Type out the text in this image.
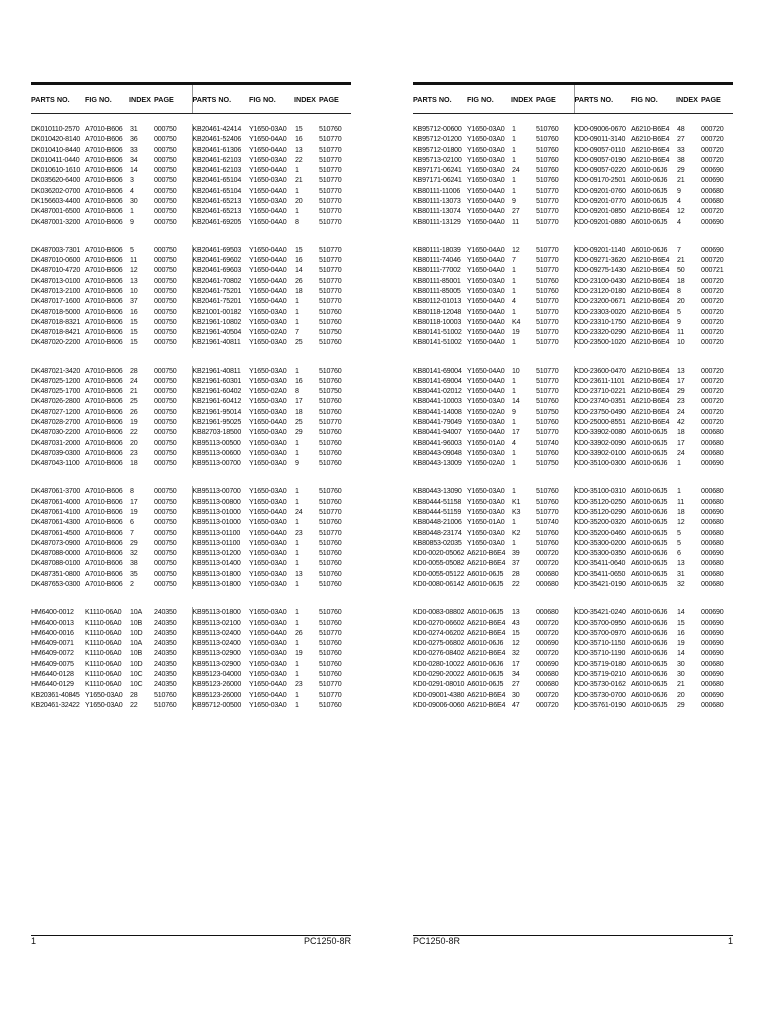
PARTS NO.	FIG NO.	INDEX	PAGE		PARTS NO.	FIG NO.	INDEX	PAGE

DK010110-2570	A7010-B606	31	000750		KB20461-42414	Y1650-03A0	15	510760
DK010420-8140	A7010-B606	36	000750		KB20461-52406	Y1650-04A0	16	510770
DK010410-8440	A7010-B606	33	000750		KB20461-61306	Y1650-04A0	13	510770
DK010411-0440	A7010-B606	34	000750		KB20461-62103	Y1650-03A0	22	510770
DK010610-1610	A7010-B606	14	000750		KB20461-62103	Y1650-04A0	1	510770
DK035620-6400	A7010-B606	3	000750		KB20461-65104	Y1650-03A0	21	510770
DK036202-0700	A7010-B606	4	000750		KB20461-65104	Y1650-04A0	1	510770
DK156603-4400	A7010-B606	30	000750		KB20461-65213	Y1650-03A0	20	510770
DK487001-6500	A7010-B606	1	000750		KB20461-65213	Y1650-04A0	1	510770
DK487001-3200	A7010-B606	9	000750		KB20461-69205	Y1650-04A0	8	510770

DK487003-7301	A7010-B606	5	000750		KB20461-69503	Y1650-04A0	15	510770
DK487010-0600	A7010-B606	11	000750		KB20461-69602	Y1650-04A0	16	510770
DK487010-4720	A7010-B606	12	000750		KB20461-69603	Y1650-04A0	14	510770
DK487013-0100	A7010-B606	13	000750		KB20461-70802	Y1650-04A0	26	510770
DK487013-2100	A7010-B606	10	000750		KB20461-75201	Y1650-04A0	18	510770
DK487017-1600	A7010-B606	37	000750		KB20461-75201	Y1650-04A0	1	510770
DK487018-5000	A7010-B606	16	000750		KB21001-00182	Y1650-03A0	1	510760
DK487018-8321	A7010-B606	15	000750		KB21961-10802	Y1650-03A0	1	510760
DK487018-8421	A7010-B606	15	000750		KB21961-40504	Y1650-02A0	7	510750
DK487020-2200	A7010-B606	15	000750		KB21961-40811	Y1650-03A0	25	510760

DK487021-3420	A7010-B606	28	000750		KB21961-40811	Y1650-03A0	1	510760
DK487025-1200	A7010-B606	24	000750		KB21961-60301	Y1650-03A0	16	510760
DK487025-1700	A7010-B606	21	000750		KB21961-60402	Y1650-02A0	8	510750
DK487026-2800	A7010-B606	25	000750		KB21961-60412	Y1650-03A0	17	510760
DK487027-1200	A7010-B606	26	000750		KB21961-95014	Y1650-03A0	18	510760
DK487028-2700	A7010-B606	19	000750		KB21961-95025	Y1650-04A0	25	510770
DK487030-2200	A7010-B606	22	000750		KB82703-18500	Y1650-03A0	29	510760
DK487031-2000	A7010-B606	20	000750		KB95113-00500	Y1650-03A0	1	510760
DK487039-0300	A7010-B606	23	000750		KB95113-00600	Y1650-03A0	1	510760
DK487043-1100	A7010-B606	18	000750		KB95113-00700	Y1650-03A0	9	510760

DK487061-3700	A7010-B606	8	000750		KB95113-00700	Y1650-03A0	1	510760
DK487061-4000	A7010-B606	17	000750		KB95113-00800	Y1650-03A0	1	510760
DK487061-4100	A7010-B606	19	000750		KB95113-01000	Y1650-04A0	24	510770
DK487061-4300	A7010-B606	6	000750		KB95113-01000	Y1650-03A0	1	510760
DK487061-4500	A7010-B606	7	000750		KB95113-01100	Y1650-04A0	23	510770
DK487073-0900	A7010-B606	29	000750		KB95113-01100	Y1650-03A0	1	510760
DK487088-0000	A7010-B606	32	000750		KB95113-01200	Y1650-03A0	1	510760
DK487088-0100	A7010-B606	38	000750		KB95113-01400	Y1650-03A0	1	510760
DK487351-0800	A7010-B606	35	000750		KB95113-01800	Y1650-03A0	13	510760
DK487653-0300	A7010-B606	2	000750		KB95113-01800	Y1650-03A0	1	510760

HM6400-0012	K1110-06A0	10A	240350		KB95113-01800	Y1650-03A0	1	510760
HM6400-0013	K1110-06A0	10B	240350		KB95113-02100	Y1650-03A0	1	510760
HM6400-0016	K1110-06A0	10D	240350		KB95113-02400	Y1650-04A0	26	510770
HM6409-0071	K1110-06A0	10A	240350		KB95113-02400	Y1650-03A0	1	510760
HM6409-0072	K1110-06A0	10B	240350		KB95113-02900	Y1650-03A0	19	510760
HM6409-0075	K1110-06A0	10D	240350		KB95113-02900	Y1650-03A0	1	510760
HM6440-0128	K1110-06A0	10C	240350		KB95123-04000	Y1650-03A0	1	510760
HM6440-0129	K1110-06A0	10C	240350		KB95123-26000	Y1650-04A0	23	510770
KB20361-40845	Y1650-03A0	28	510760		KB95123-26000	Y1650-04A0	1	510770
KB20461-32422	Y1650-03A0	22	510760		KB95712-00500	Y1650-03A0	1	510760
PARTS NO.	FIG NO.	INDEX	PAGE		PARTS NO.	FIG NO.	INDEX	PAGE

KB95712-00600	Y1650-03A0	1	510760		KD0-09006-0670	A6210-B6E4	48	000720
KB95712-01200	Y1650-03A0	1	510760		KD0-09011-3140	A6210-B6E4	27	000720
KB95712-01800	Y1650-03A0	1	510760		KD0-09057-0110	A6210-B6E4	33	000720
KB95713-02100	Y1650-03A0	1	510760		KD0-09057-0190	A6210-B6E4	38	000720
KB97171-06241	Y1650-03A0	24	510760		KD0-09057-0220	A6010-06J6	29	000690
KB97171-06241	Y1650-03A0	1	510760		KD0-09170-2501	A6010-06J6	21	000690
KB80111-11006	Y1650-04A0	1	510770		KD0-09201-0760	A6010-06J5	9	000680
KB80111-13073	Y1650-04A0	9	510770		KD0-09201-0770	A6010-06J5	4	000680
KB80111-13074	Y1650-04A0	27	510770		KD0-09201-0850	A6210-B6E4	12	000720
KB80111-13129	Y1650-04A0	11	510770		KD0-09201-0880	A6010-06J5	4	000690

KB80111-18039	Y1650-04A0	12	510770		KD0-09201-1140	A6010-06J6	7	000690
KB80111-74046	Y1650-04A0	7	510770		KD0-09271-3620	A6210-B6E4	21	000720
KB80111-77002	Y1650-04A0	1	510770		KD0-09275-1430	A6210-B6E4	50	000721
KB80111-85001	Y1650-03A0	1	510760		KD0-23100-0430	A6210-B6E4	18	000720
KB80111-85005	Y1650-03A0	1	510760		KD0-23120-0180	A6210-B6E4	8	000720
KB80112-01013	Y1650-04A0	4	510770		KD0-23200-0671	A6210-B6E4	20	000720
KB80118-12048	Y1650-04A0	1	510770		KD0-23303-0020	A6210-B6E4	5	000720
KB80118-10003	Y1650-04A0	K4	510770		KD0-23310-1750	A6210-B6E4	9	000720
KB80141-51002	Y1650-04A0	19	510770		KD0-23320-0290	A6210-B6E4	11	000720
KB80141-51002	Y1650-04A0	1	510770		KD0-23500-1020	A6210-B6E4	10	000720

KB80141-69004	Y1650-04A0	10	510770		KD0-23600-0470	A6210-B6E4	13	000720
KB80141-69004	Y1650-04A0	1	510770		KD0-23611-1101	A6210-B6E4	17	000720
KB80441-02012	Y1650-04A0	1	510770		KD0-23710-0221	A6210-B6E4	29	000720
KB80441-10003	Y1650-03A0	14	510760		KD0-23740-0351	A6210-B6E4	23	000720
KB80441-14008	Y1650-02A0	9	510750		KD0-23750-0490	A6210-B6E4	24	000720
KB80441-79049	Y1650-03A0	1	510760		KD0-25000-8551	A6210-B6E4	42	000720
KB80441-94007	Y1650-04A0	17	510770		KD0-33902-0080	A6010-06J5	18	000680
KB80441-96003	Y1650-01A0	4	510740		KD0-33902-0090	A6010-06J5	17	000680
KB80443-09048	Y1650-03A0	1	510760		KD0-33902-0100	A6010-06J5	24	000680
KB80443-13009	Y1650-02A0	1	510750		KD0-35100-0300	A6010-06J6	1	000690

KB80443-13090	Y1650-03A0	1	510760		KD0-35100-0310	A6010-06J5	1	000680
KB80444-51158	Y1650-03A0	K1	510760		KD0-35120-0250	A6010-06J5	11	000680
KB80444-51159	Y1650-03A0	K3	510770		KD0-35120-0290	A6010-06J6	18	000690
KB80448-21006	Y1650-01A0	1	510740		KD0-35200-0320	A6010-06J5	12	000680
KB80448-23174	Y1650-03A0	K2	510760		KD0-35200-0460	A6010-06J5	5	000680
KB80853-02035	Y1650-03A0	1	510760		KD0-35300-0200	A6010-06J5	5	000680
KD0-0020-05062	A6210-B6E4	39	000720		KD0-35300-0350	A6010-06J6	6	000690
KD0-0055-05082	A6210-B6E4	37	000720		KD0-35411-0640	A6010-06J5	13	000680
KD0-0055-05122	A6010-06J5	28	000680		KD0-35411-0650	A6010-06J5	31	000680
KD0-0080-06142	A6010-06J5	22	000680		KD0-35421-0190	A6010-06J5	32	000680

KD0-0083-08802	A6010-06J5	13	000680		KD0-35421-0240	A6010-06J6	14	000690
KD0-0270-06602	A6210-B6E4	43	000720		KD0-35700-0950	A6010-06J6	15	000690
KD0-0274-06202	A6210-B6E4	15	000720		KD0-35700-0970	A6010-06J6	16	000690
KD0-0275-06802	A6010-06J6	12	000690		KD0-35710-1150	A6010-06J6	19	000690
KD0-0276-08402	A6210-B6E4	32	000720		KD0-35710-1190	A6010-06J6	14	000690
KD0-0280-10022	A6010-06J6	17	000690		KD0-35719-0180	A6010-06J5	30	000680
KD0-0290-20022	A6010-06J5	34	000680		KD0-35719-0210	A6010-06J6	30	000690
KD0-0291-08010	A6010-06J5	27	000680		KD0-35730-0162	A6010-06J5	21	000680
KD0-09001-4380	A6210-B6E4	30	000720		KD0-35730-0700	A6010-06J6	20	000690
KD0-09006-0060	A6210-B6E4	47	000720		KD0-35761-0190	A6010-06J5	29	000680
1	PC1250-8R	PC1250-8R	1
